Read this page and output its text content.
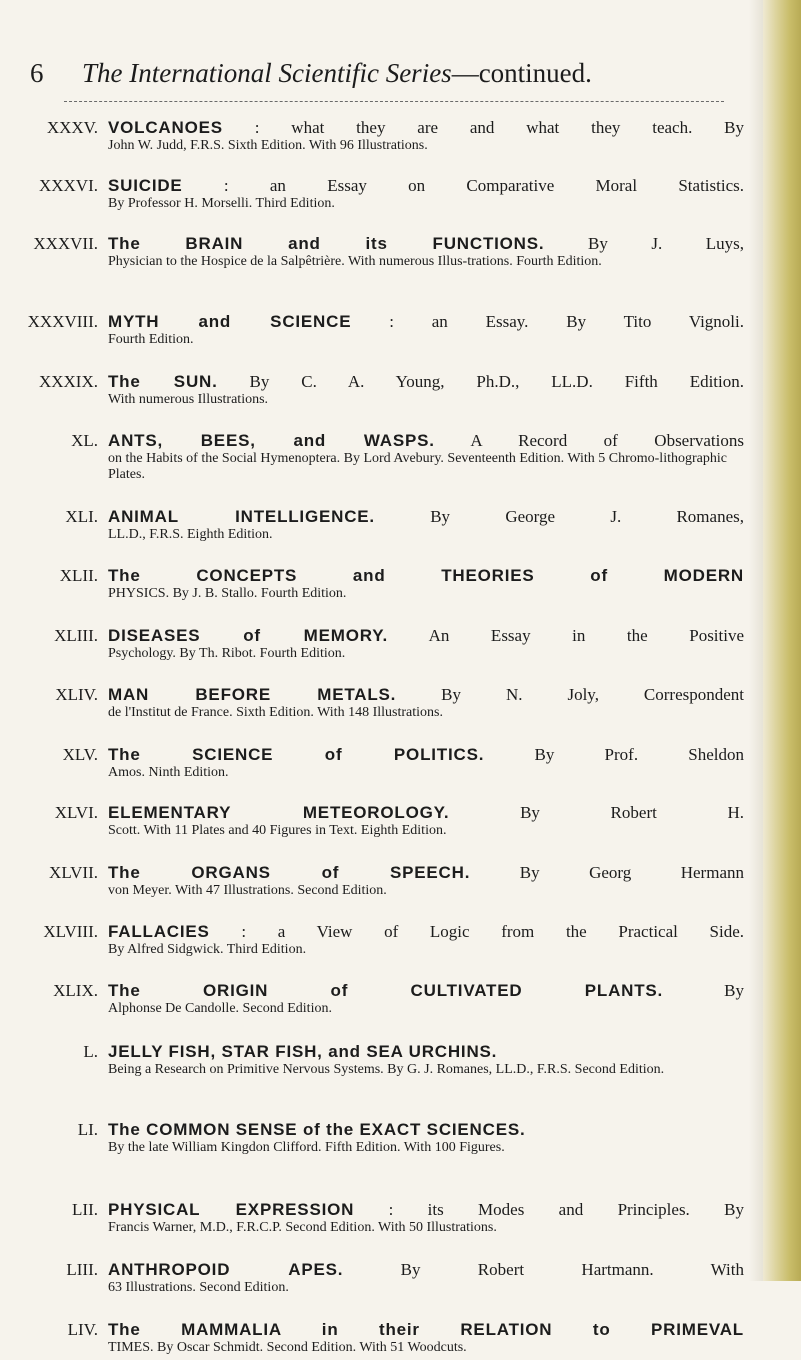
6 The International Scientific Series—continued.
XXXV. VOLCANOES : what they are and what they teach. By
John W. Judd, F.R.S. Sixth Edition. With 96 Illustrations.
XXXVI. SUICIDE : an Essay on Comparative Moral Statistics.
By Professor H. Morselli. Third Edition.
XXXVII. The BRAIN and its FUNCTIONS.	By J. Luys,
Physician to the Hospice de la Salpêtrière. With numerous Illus-trations. Fourth Edition.
XXXVIII. MYTH and SCIENCE : an Essay. By Tito Vignoli.
Fourth Edition.
XXXIX. The SUN. By C. A. Young, Ph.D., LL.D. Fifth Edition.
With numerous Illustrations.
XL. ANTS, BEES, and WASPS. A Record of Observations
on the Habits of the Social Hymenoptera. By Lord Avebury. Seventeenth Edition. With 5 Chromo-lithographic Plates.
XLI. ANIMAL INTELLIGENCE.	By George J. Romanes,
LL.D., F.R.S. Eighth Edition.
XLII. The CONCEPTS and THEORIES of MODERN
PHYSICS. By J. B. Stallo. Fourth Edition.
XLIII. DISEASES of MEMORY. An Essay in the Positive
Psychology. By Th. Ribot. Fourth Edition.
XLIV. MAN BEFORE METALS.	By N. Joly, Correspondent
de l'Institut de France. Sixth Edition. With 148 Illustrations.
XLV. The SCIENCE of POLITICS.	By Prof. Sheldon
Amos. Ninth Edition.
XLVI. ELEMENTARY METEOROLOGY.	By Robert H.
Scott. With 11 Plates and 40 Figures in Text. Eighth Edition.
XLVII. The ORGANS of SPEECH.	By Georg Hermann
von Meyer. With 47 Illustrations. Second Edition.
XLVIII. FALLACIES : a View of Logic from the Practical Side.
By Alfred Sidgwick. Third Edition.
XLIX. The ORIGIN of CULTIVATED PLANTS.	By
Alphonse De Candolle. Second Edition.
L. JELLY FISH, STAR FISH, and SEA URCHINS.
Being a Research on Primitive Nervous Systems. By G. J. Romanes, LL.D., F.R.S. Second Edition.
LI. The COMMON SENSE of the EXACT SCIENCES.
By the late William Kingdon Clifford. Fifth Edition. With 100 Figures.
LII. PHYSICAL EXPRESSION : its Modes and Principles. By
Francis Warner, M.D., F.R.C.P. Second Edition. With 50 Illustrations.
LIII. ANTHROPOID APES.	By Robert Hartmann. With
63 Illustrations. Second Edition.
LIV. The MAMMALIA in their RELATION to PRIMEVAL
TIMES. By Oscar Schmidt. Second Edition. With 51 Woodcuts.
